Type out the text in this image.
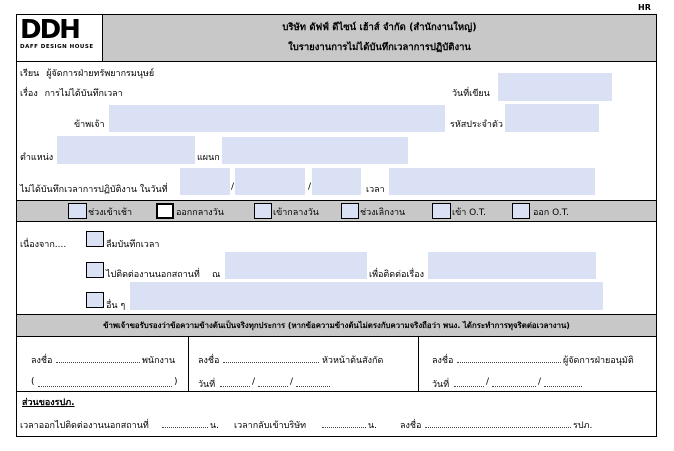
HR
DDH
DAFF DESIGN HOUSE
บริษัท ดัฟฟ์ ดีไซน์ เฮ้าส์ จำกัด (สำนักงานใหญ่)
ใบรายงานการไม่ได้บันทึกเวลาการปฏิบัติงาน
เรียน ผู้จัดการฝ่ายทรัพยากรมนุษย์
เรื่อง การไม่ได้บันทึกเวลา	วันที่เขียน
ข้าพเจ้า	รหัสประจำตัว
ตำแหน่ง	แผนก
ไม่ได้บันทึกเวลาการปฏิบัติงาน ในวันที่	/	/	เวลา
ช่วงเข้าเช้า	ออกกลางวัน	เข้ากลางวัน	ช่วงเลิกงาน	เข้า O.T.	ออก O.T.
เนื่องจาก....	ลืมบันทึกเวลา
ไปติดต่องานนอกสถานที่ ณ	เพื่อติดต่อเรื่อง
อื่น ๆ
ข้าพเจ้าขอรับรองว่าข้อความข้างต้นเป็นจริงทุกประการ (หากข้อความข้างต้นไม่ตรงกับความจริงถือว่า พนง. ได้กระทำการทุจริตต่อเวลางาน)
ลงชื่อ	พนักงาน
(	)
ลงชื่อ	หัวหน้าต้นสังกัด
วันที่	/	/
ลงชื่อ	ผู้จัดการฝ่ายอนุมัติ
วันที่	/	/
ส่วนของรปภ.
เวลาออกไปติดต่องานนอกสถานที่	น. เวลากลับเข้าบริษัท	น.	ลงชื่อ	รปภ.
